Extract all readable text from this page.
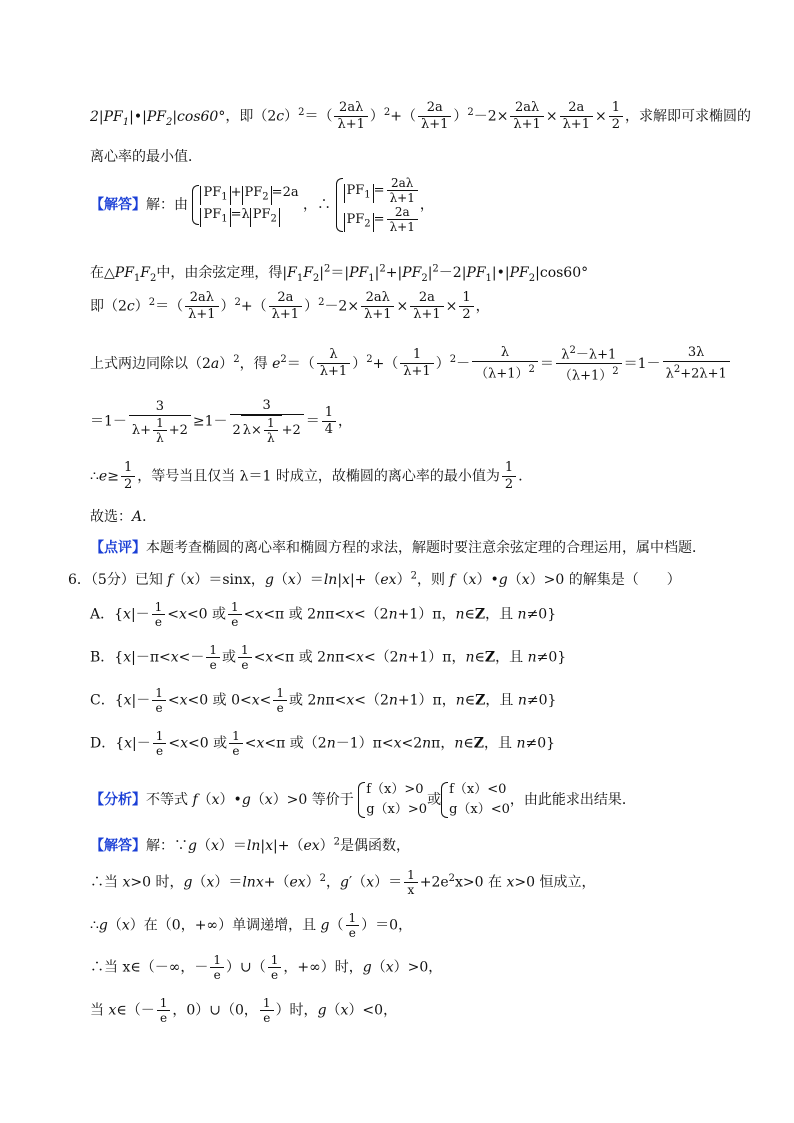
$2|PF_1|•|PF_2|\cos 60^\circ$，即$(2c)^2=( \frac{2a\lambda}{\lambda+1} )^2+( \frac{2a}{\lambda+1} )^2-2\times \frac{2a\lambda}{\lambda+1} \times \frac{2a}{\lambda+1} \times \frac{1}{2}$ ，求解即可求椭圆的
离心率的最小值．
【解答】解：由
$PF_1 + PF_2 =2a$
$PF_1 =\lambda$ $PF_2$
，∴
$PF_1 = \frac{2a\lambda}{\lambda+1}$
$PF_2 = \frac{2a}{\lambda+1}$ ，
在$\triangle PF_1F_2$中，由余弦定理，得$|F_1F_2|^2=|PF_1|^2+|PF_2|^2-2|PF_1|•|PF_2|\cos 60^\circ$
即$(2c)^2=( \frac{2a\lambda}{\lambda+1} )^2+( \frac{2a}{\lambda+1} )^2-2\times \frac{2a\lambda}{\lambda+1} \times \frac{2a}{\lambda+1} \times \frac{1}{2}$ ，
上式两边同除以$(2a)^2$，得 $e^2=( \frac{\lambda}{\lambda+1} )^2+( \frac{1}{\lambda+1} )^2- \frac{\lambda}{(\lambda+1)^2} = \frac{\lambda^2-\lambda+1}{(\lambda+1)^2} =1- \frac{3\lambda}{\lambda^2+2\lambda+1}$
$=1- \frac{3}{\lambda+ \frac{1}{\lambda} +2} \ge 1- \frac{3}{2 \lambda\times \frac{1}{\lambda} +2} = \frac{1}{4}$ ，
∴e≥ $\frac{1}{2}$ ，等号当且仅当 λ＝1 时成立，故椭圆的离心率的最小值为 $\frac{1}{2}$ ．
故选：A．
【点评】本题考查椭圆的离心率和椭圆方程的求法，解题时要注意余弦定理的合理运用，属中档题．
6．（5分）已知 f（x）＝sinx，g（x）＝ln|x|+（ex）$^2$，则 f（x）•g（x）>0 的解集是（　　）
A．{$x|- \frac{1}{e} <x<0$ 或 $\frac{1}{e} <x<\pi$ 或 2nπ<x<（2n+1）π，n∈Z，且 n≠0}
B．{$x|-\pi<x<- \frac{1}{e}$ 或 $\frac{1}{e} <x<\pi$ 或 2nπ<x<（2n+1）π，n∈Z，且 n≠0}
C．{$x|- \frac{1}{e} <x<0$ 或 $0<x< \frac{1}{e}$ 或 2nπ<x<（2n+1）π，n∈Z，且 n≠0}
D．{$x|- \frac{1}{e} <x<0$ 或 $\frac{1}{e} <x<\pi$ 或（2n－1）π<x<2nπ，n∈Z，且 n≠0}
【分析】不等式 f（x）•g（x）>0 等价于
f（x）>0
g（x）>0
或
f（x）<0
g（x）<0
，由此能求出结果．
【解答】解：∵g（x）＝ln|x|+（ex）$^2$是偶函数，
∴当 x>0 时，g（x）＝lnx+（ex）$^2$，$g'(x)= \frac{1}{x} +2e^2x>0$ 在 x>0 恒成立，
∴g（x）在（0，+∞）单调递增，且 $g( \frac{1}{e} )=0$，
∴当 x∈（－∞，－ $\frac{1}{e}$ ）∪（ $\frac{1}{e}$ ，+∞）时，g（x）>0，
当 x∈（－ $\frac{1}{e}$ ，0）∪（0， $\frac{1}{e}$ ）时，g（x）<0，
